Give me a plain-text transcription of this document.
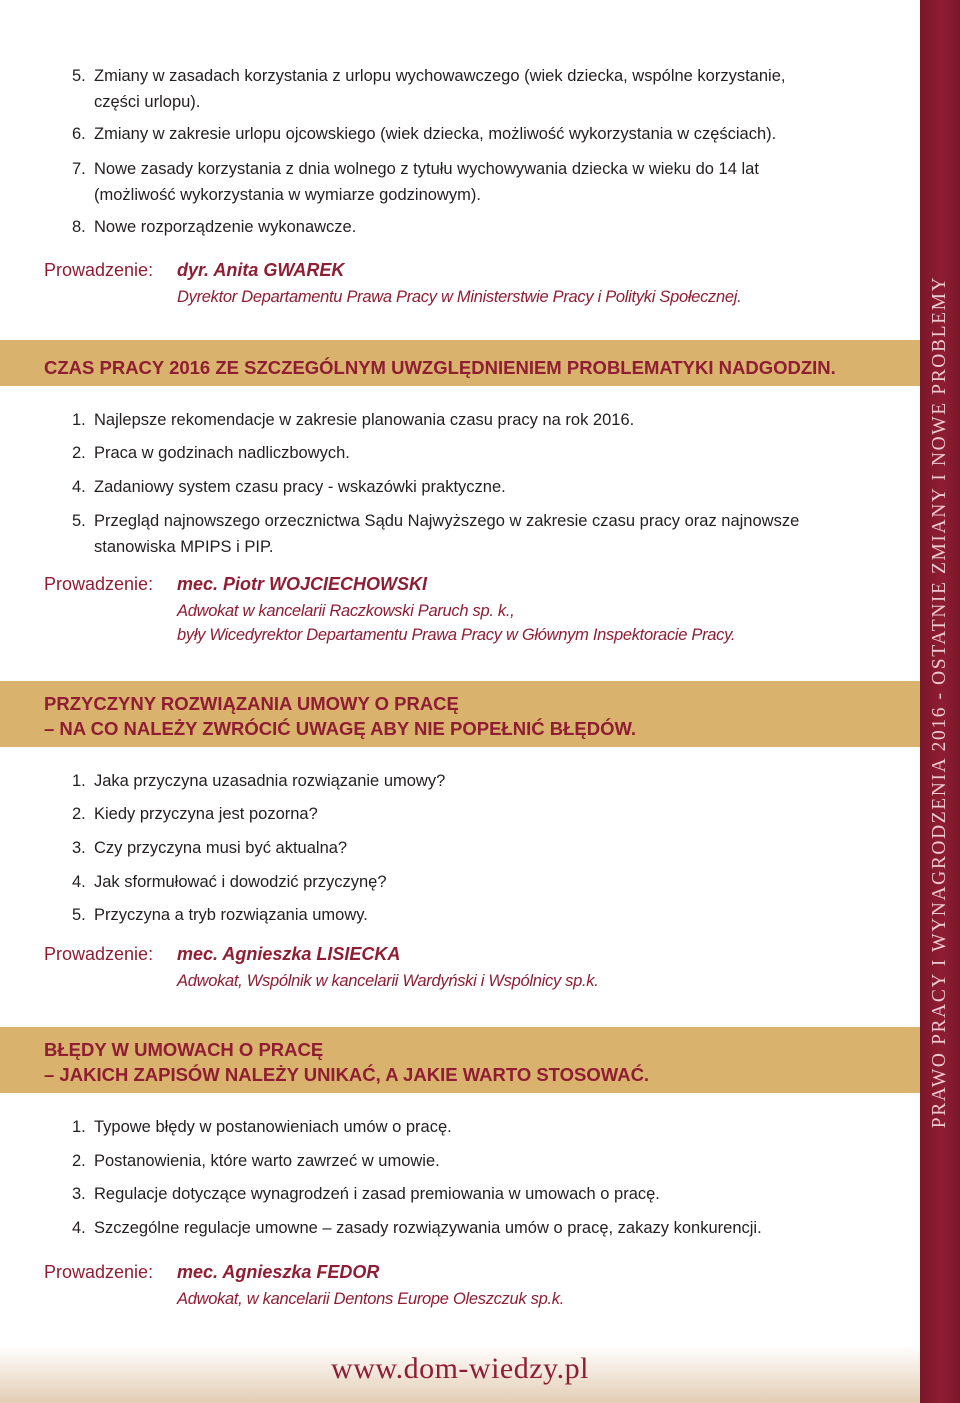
5. Zmiany w zasadach korzystania z urlopu wychowawczego (wiek dziecka, wspólne korzystanie,
części urlopu).
6. Zmiany w zakresie urlopu ojcowskiego (wiek dziecka, możliwość wykorzystania w częściach).
7. Nowe zasady korzystania z dnia wolnego z tytułu wychowywania dziecka w wieku do 14 lat
(możliwość wykorzystania w wymiarze godzinowym).
8. Nowe rozporządzenie wykonawcze.
Prowadzenie: dyr. Anita GWAREK
Dyrektor Departamentu Prawa Pracy w Ministerstwie Pracy i Polityki Społecznej.
CZAS PRACY 2016 ZE SZCZEGÓLNYM UWZGLĘDNIENIEM PROBLEMATYKI NADGODZIN.
1. Najlepsze rekomendacje w zakresie planowania czasu pracy na rok 2016.
2. Praca w godzinach nadliczbowych.
4. Zadaniowy system czasu pracy - wskazówki praktyczne.
5. Przegląd najnowszego orzecznictwa Sądu Najwyższego w zakresie czasu pracy oraz najnowsze
stanowiska MPIPS i PIP.
Prowadzenie: mec. Piotr WOJCIECHOWSKI
Adwokat w kancelarii Raczkowski Paruch sp. k.,
były Wicedyrektor Departamentu Prawa Pracy w Głównym Inspektoracie Pracy.
PRZYCZYNY ROZWIĄZANIA UMOWY O PRACĘ
– NA CO NALEŻY ZWRÓCIĆ UWAGĘ ABY NIE POPEŁNIĆ BŁĘDÓW.
1. Jaka przyczyna uzasadnia rozwiązanie umowy?
2. Kiedy przyczyna jest pozorna?
3. Czy przyczyna musi być aktualna?
4. Jak sformułować i dowodzić przyczynę?
5. Przyczyna a tryb rozwiązania umowy.
Prowadzenie: mec. Agnieszka LISIECKA
Adwokat, Wspólnik w kancelarii Wardyński i Wspólnicy sp.k.
BŁĘDY W UMOWACH O PRACĘ
– JAKICH ZAPISÓW NALEŻY UNIKAĆ, A JAKIE WARTO STOSOWAĆ.
1. Typowe błędy w postanowieniach umów o pracę.
2. Postanowienia, które warto zawrzeć w umowie.
3. Regulacje dotyczące wynagrodzeń i zasad premiowania w umowach o pracę.
4. Szczególne regulacje umowne – zasady rozwiązywania umów o pracę, zakazy konkurencji.
Prowadzenie: mec. Agnieszka FEDOR
Adwokat, w kancelarii Dentons Europe Oleszczuk sp.k.
www.dom-wiedzy.pl
PRAWO PRACY I WYNAGRODZENIA 2016 - OSTATNIE ZMIANY I NOWE PROBLEMY
